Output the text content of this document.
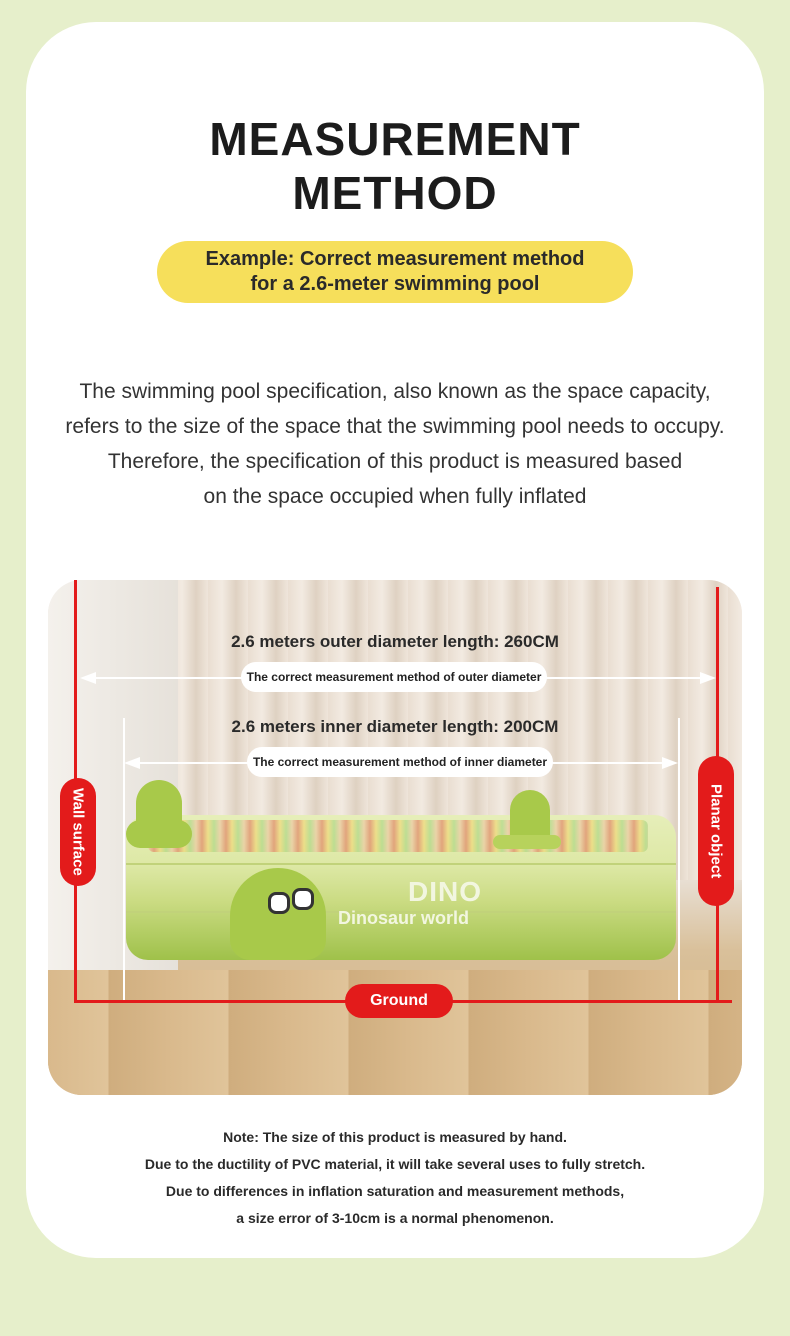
MEASUREMENT
METHOD
Example: Correct measurement method
for a 2.6-meter swimming pool
The swimming pool specification, also known as the space capacity,
refers to the size of the space that the swimming pool needs to occupy.
Therefore, the specification of this product is measured based
on the space occupied when fully inflated
DINO
Dinosaur world
2.6 meters outer diameter length: 260CM
The correct measurement method of outer diameter
2.6 meters inner diameter length: 200CM
The correct measurement method of inner diameter
Wall surface	Planar object
Ground
Note: The size of this product is measured by hand.
Due to the ductility of PVC material, it will take several uses to fully stretch.
Due to differences in inflation saturation and measurement methods,
a size error of 3-10cm is a normal phenomenon.
